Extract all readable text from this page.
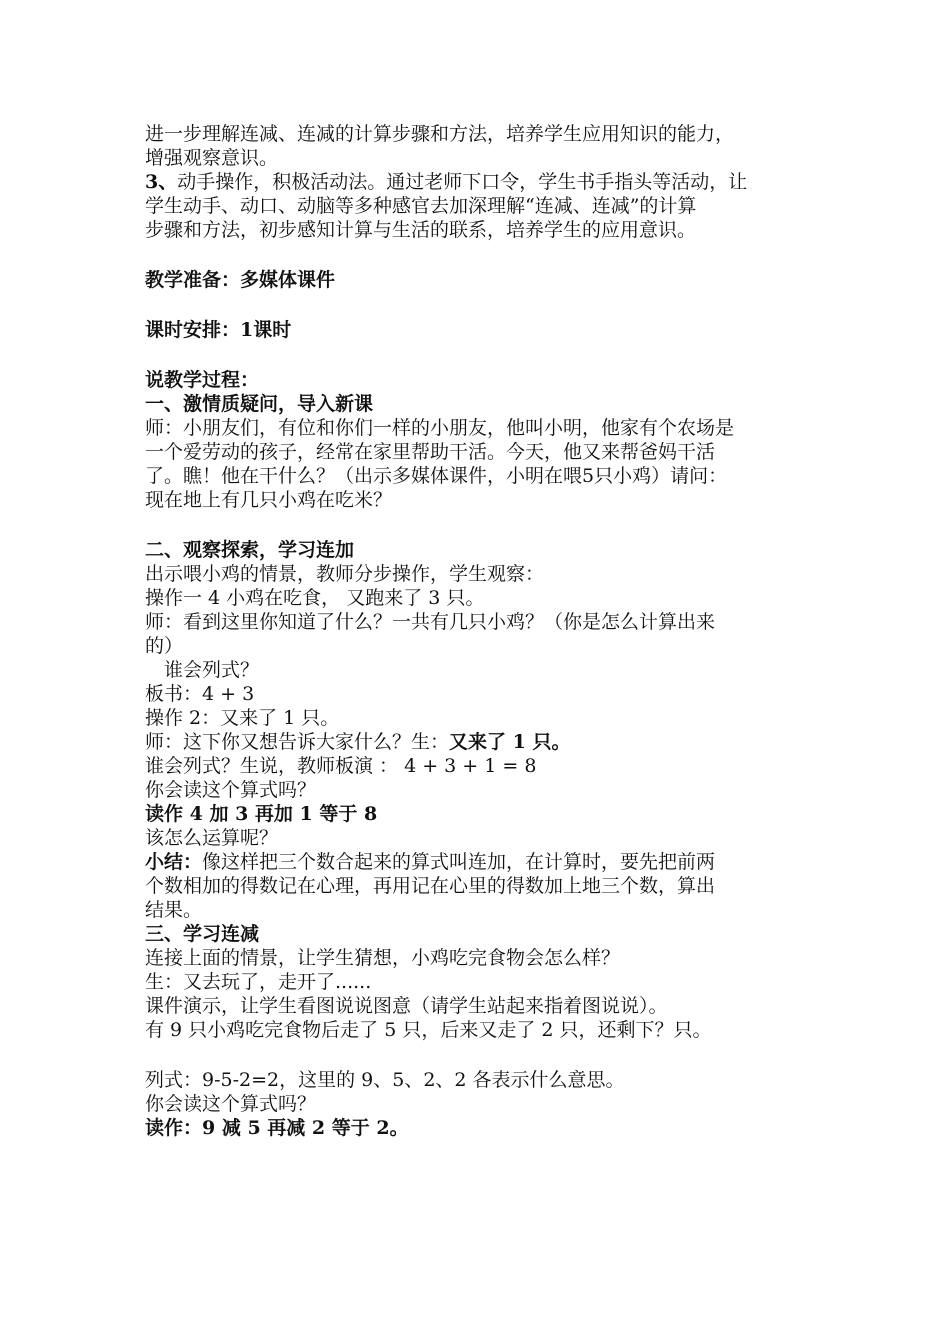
进一步理解连减、连减的计算步骤和方法，培养学生应用知识的能力，
增强观察意识。
3、动手操作，积极活动法。通过老师下口令，学生书手指头等活动，让
学生动手、动口、动脑等多种感官去加深理解“连减、连减”的计算
步骤和方法，初步感知计算与生活的联系，培养学生的应用意识。
教学准备：多媒体课件
课时安排：1课时
说教学过程：
一、激情质疑问，导入新课
师：小朋友们，有位和你们一样的小朋友，他叫小明，他家有个农场是
一个爱劳动的孩子，经常在家里帮助干活。今天，他又来帮爸妈干活
了。瞧！他在干什么？（出示多媒体课件，小明在喂5只小鸡）请问：
现在地上有几只小鸡在吃米？
二、观察探索，学习连加
出示喂小鸡的情景，教师分步操作，学生观察：
操作一 4 小鸡在吃食， 又跑来了 3 只。
师：看到这里你知道了什么？一共有几只小鸡？（你是怎么计算出来
的）
谁会列式？
板书：4 + 3
操作 2：又来了 1 只。
师：这下你又想告诉大家什么？生：又来了 1 只。
谁会列式？生说，教师板演 ： 4 + 3 + 1 = 8
你会读这个算式吗？
读作 4 加 3 再加 1 等于 8
该怎么运算呢？
小结：像这样把三个数合起来的算式叫连加，在计算时，要先把前两
个数相加的得数记在心理，再用记在心里的得数加上地三个数，算出
结果。
三、学习连减
连接上面的情景，让学生猜想，小鸡吃完食物会怎么样？
生：又去玩了，走开了......
课件演示，让学生看图说说图意（请学生站起来指着图说说）。
有 9 只小鸡吃完食物后走了 5 只，后来又走了 2 只，还剩下？只。
列式：9-5-2=2，这里的 9、5、2、2 各表示什么意思。
你会读这个算式吗？
读作：9 减 5 再减 2 等于 2。
